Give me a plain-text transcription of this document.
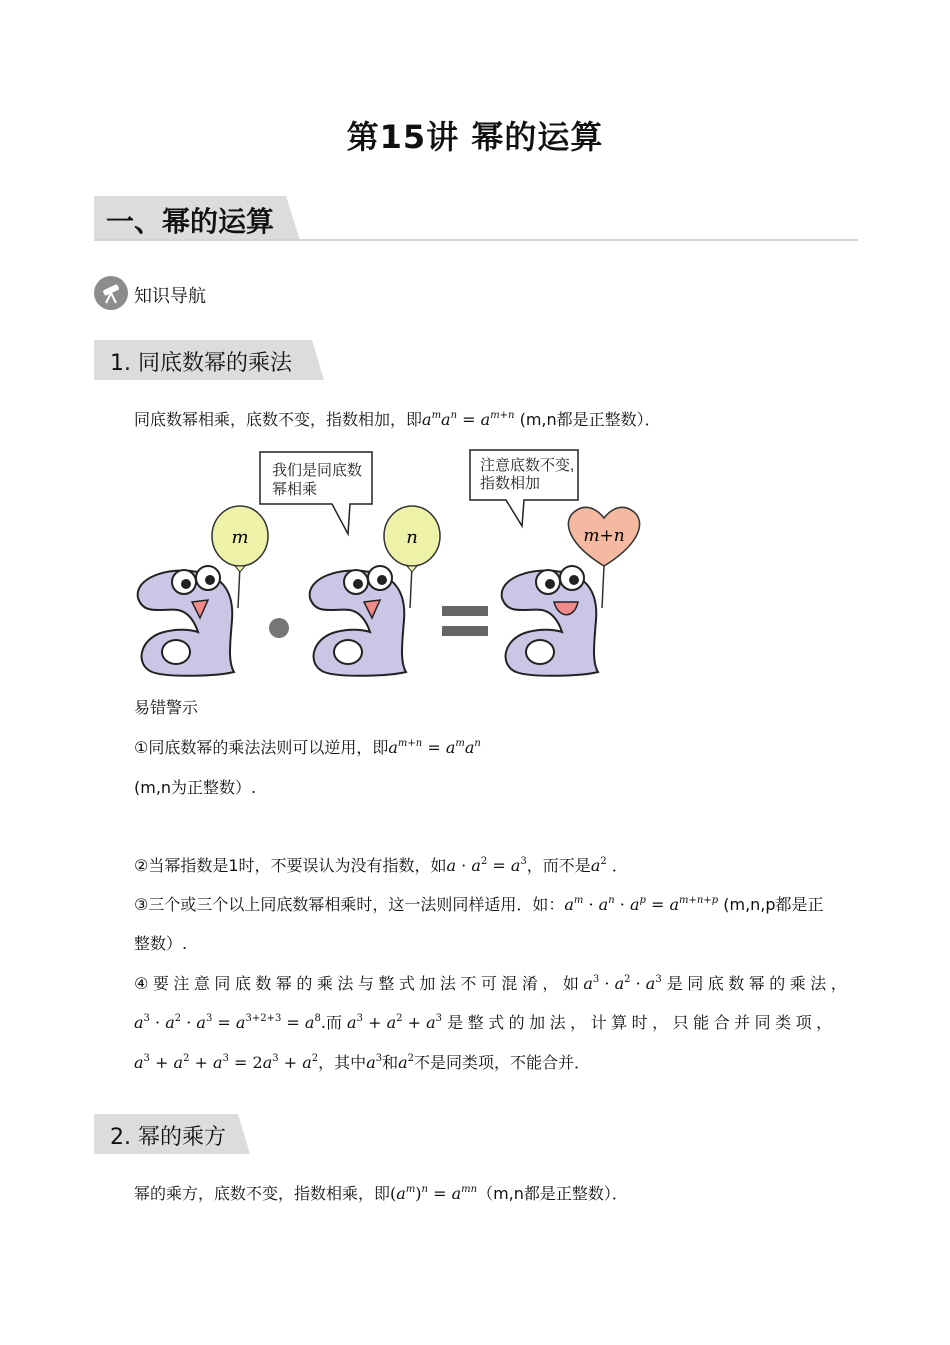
第15讲 幂的运算
一、幂的运算
知识导航
1. 同底数幂的乘法
同底数幂相乘，底数不变，指数相加，即$a^ma^n = a^{m+n}$ (m,n都是正整数）．
我们是同底数
幂相乘
注意底数不变,
指数相加
m	n	m+n
易错警示
①同底数幂的乘法法则可以逆用，即$a^{m+n} = a^ma^n$
(m,n为正整数）.
②当幂指数是1时，不要误认为没有指数，如$a \cdot a^2 = a^3$，而不是$a^2$ ．
③三个或三个以上同底数幂相乘时，这一法则同样适用．如：$a^m \cdot a^n \cdot a^p = a^{m+n+p}$ (m,n,p都是正
整数）.
④要注意同底数幂的乘法与整式加法不可混淆，如$a^3 \cdot a^2 \cdot a^3$ 是同底数幂的乘法，
$a^3 \cdot a^2 \cdot a^3 = a^{3+2+3} = a^8$.而 $a^3 + a^2 + a^3$ 是整式的加法，计算时，只能合并同类项，
$a^3 + a^2 + a^3 = 2a^3 + a^2$，其中$a^3$和$a^2$不是同类项，不能合并．
2. 幂的乘方
幂的乘方，底数不变，指数相乘，即$(a^m)^n = a^{mn}(m,n$都是正整数）．
